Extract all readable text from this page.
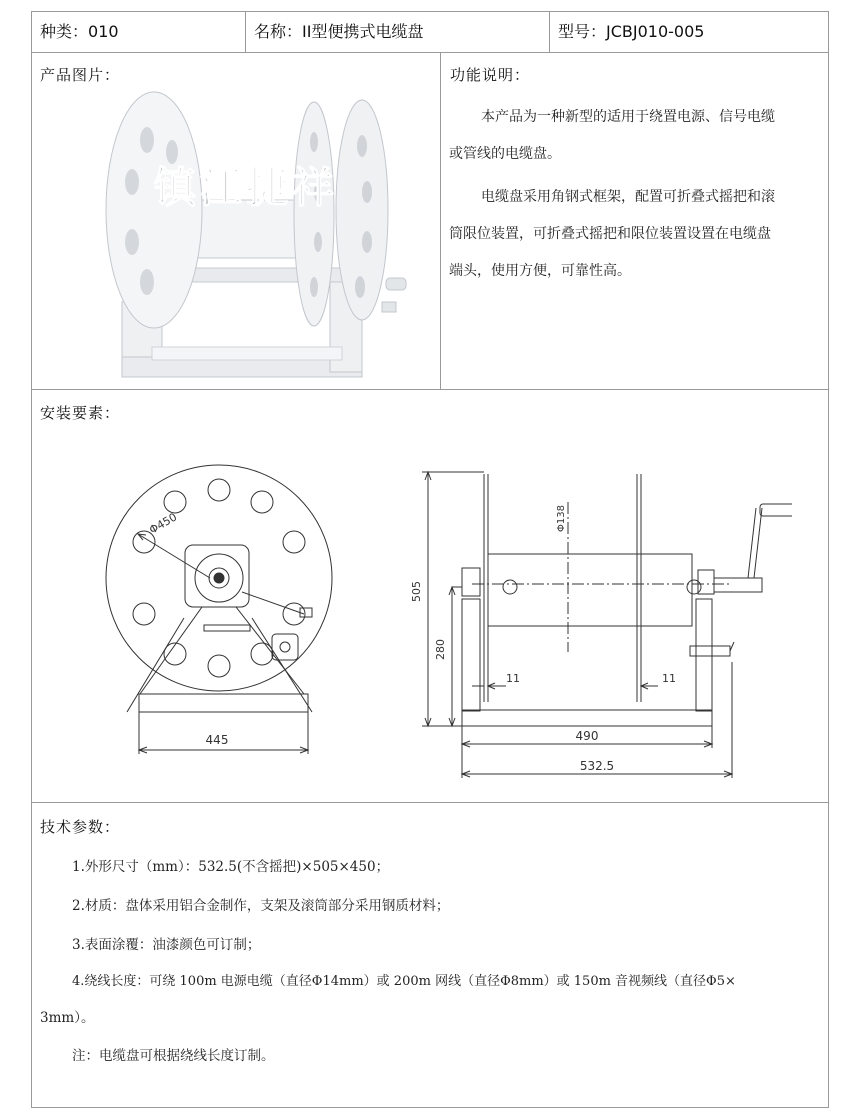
种类：010	名称：II型便携式电缆盘	型号：JCBJ010-005
产品图片：
镇江捷祥
功能说明：
本产品为一种新型的适用于绕置电源、信号电缆
或管线的电缆盘。
电缆盘采用角钢式框架，配置可折叠式摇把和滚
筒限位装置，可折叠式摇把和限位装置设置在电缆盘
端头，使用方便，可靠性高。
安装要素：
445
Φ450
505
280
Φ138
11	11
490
532.5
技术参数：
1.外形尺寸（mm）：532.5(不含摇把)×505×450；
2.材质：盘体采用铝合金制作，支架及滚筒部分采用钢质材料；
3.表面涂覆：油漆颜色可订制；
4.绕线长度：可绕 100m 电源电缆（直径Φ14mm）或 200m 网线（直径Φ8mm）或 150m 音视频线（直径Φ5×
3mm）。
注：电缆盘可根据绕线长度订制。
